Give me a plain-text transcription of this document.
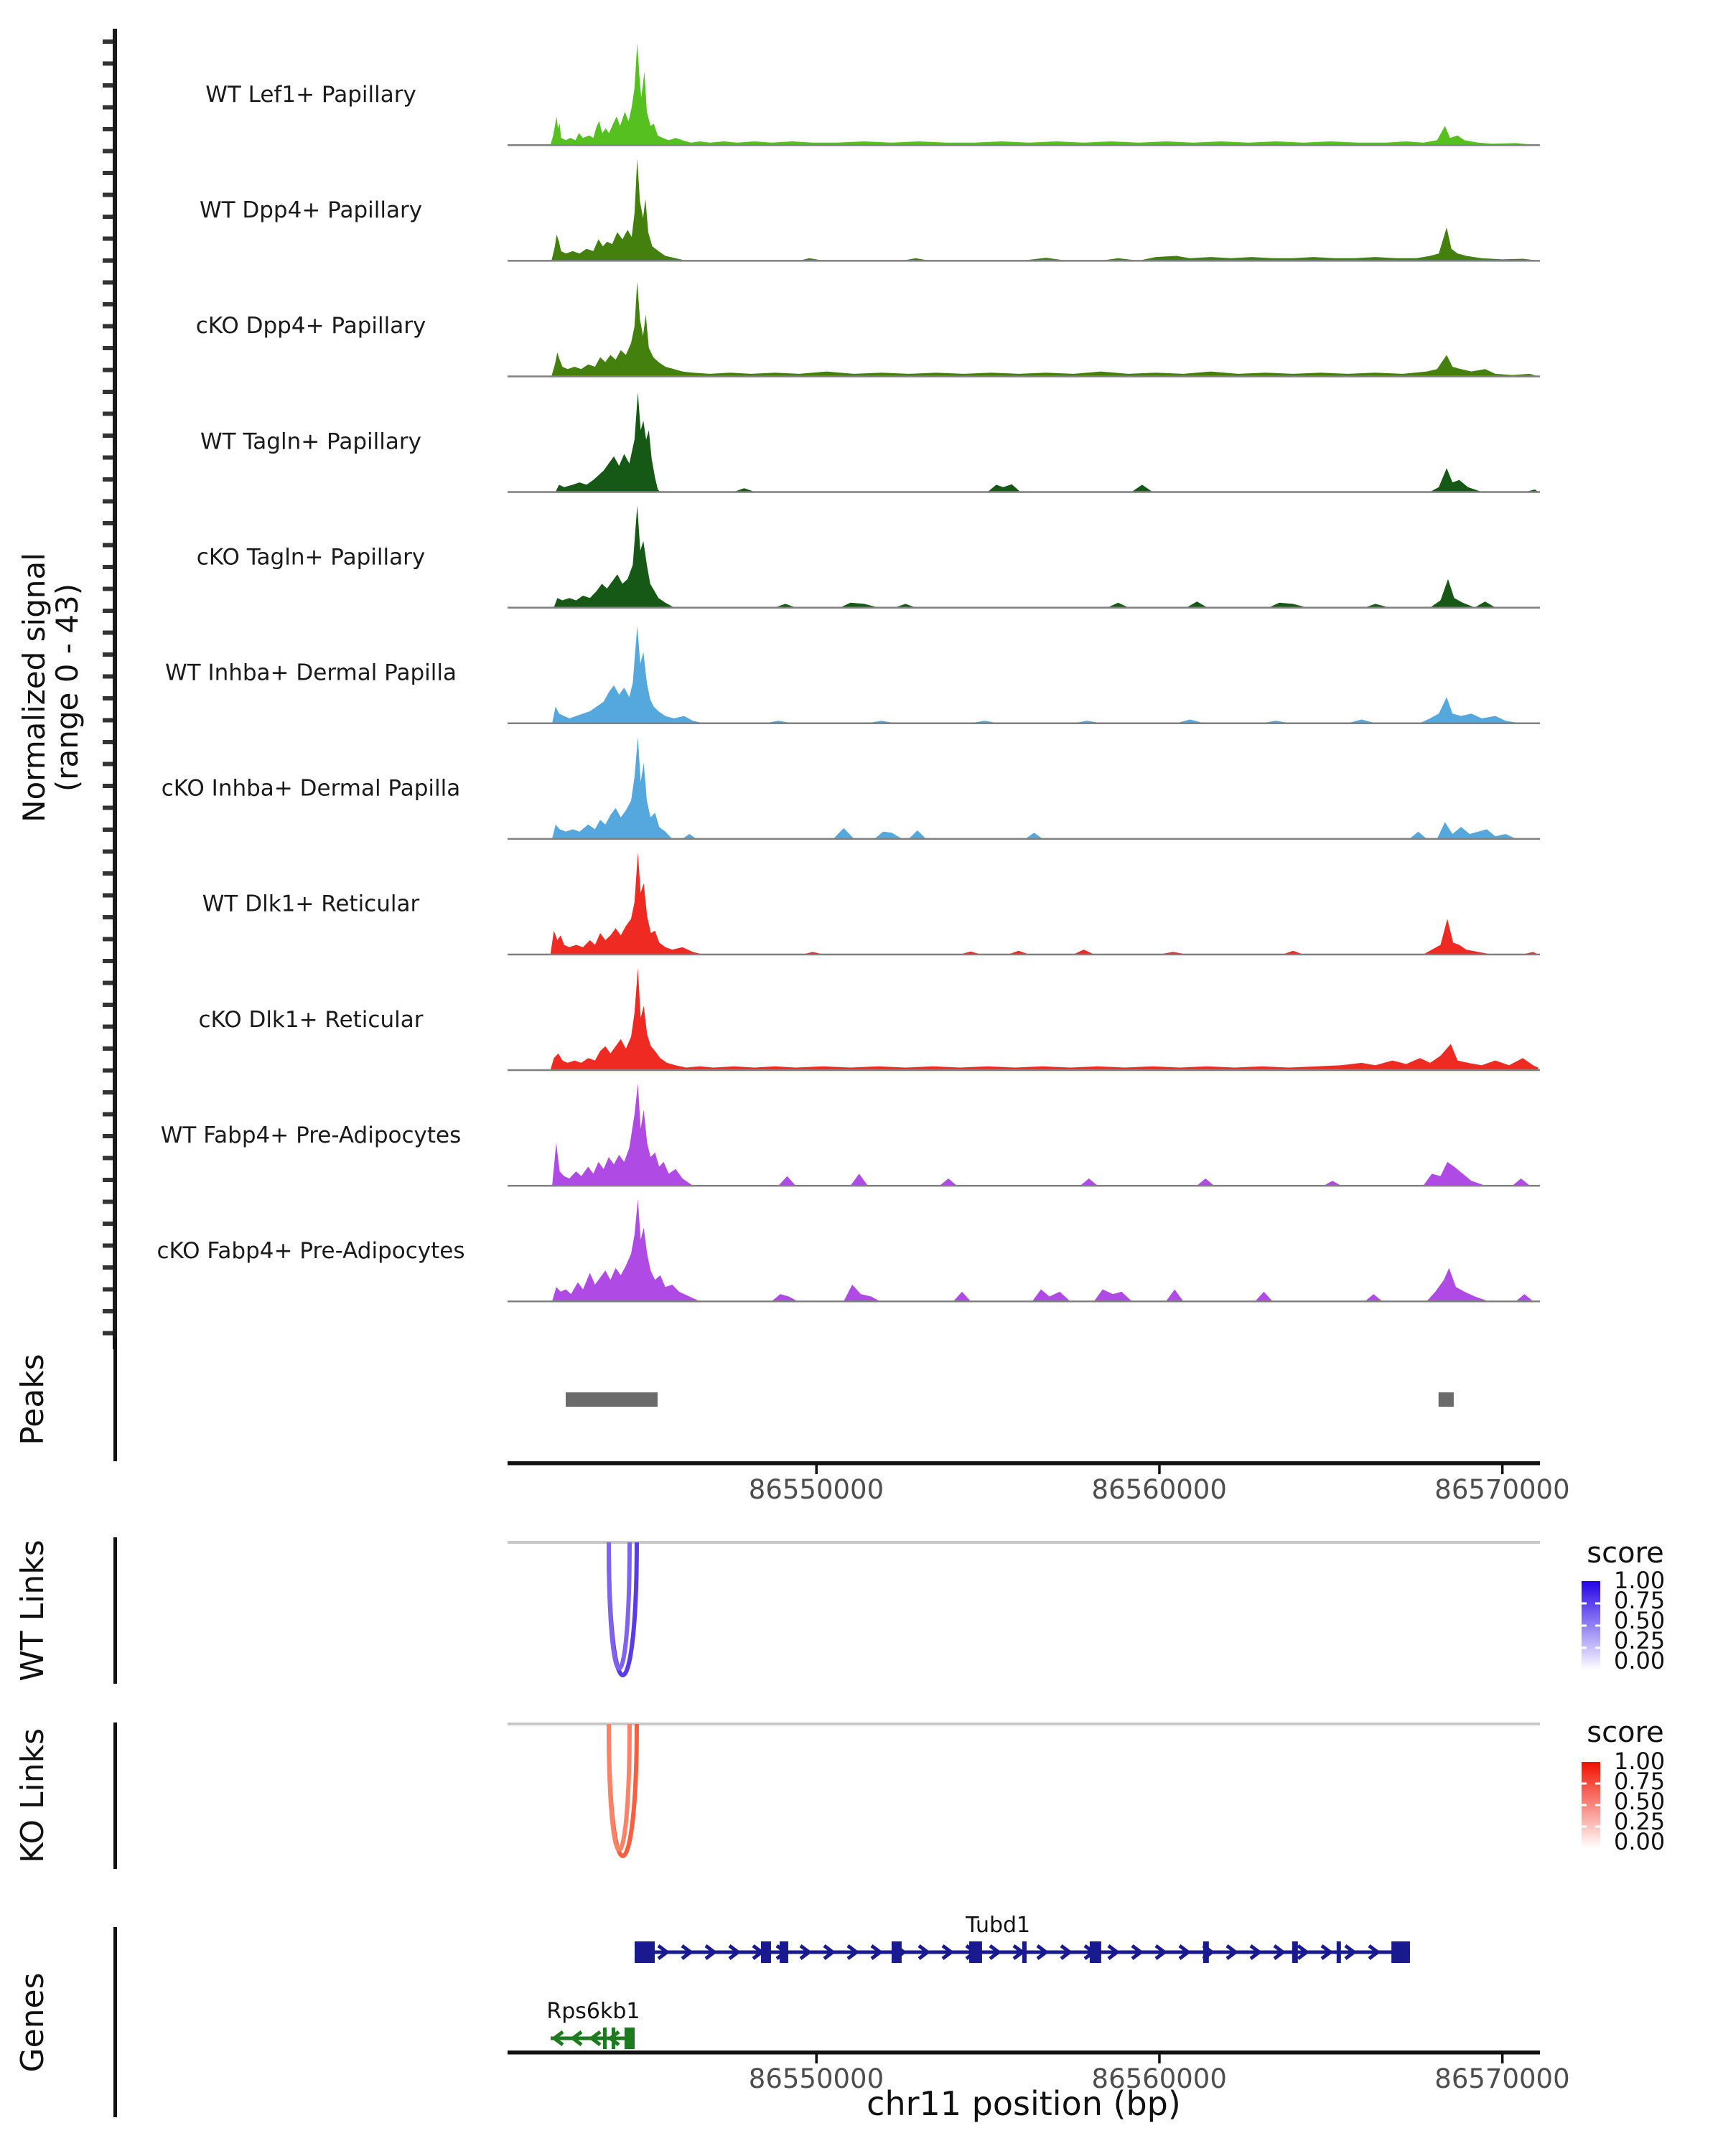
Normalized signal
(range 0 - 43)
WT Lef1+ Papillary
WT Dpp4+ Papillary
cKO Dpp4+ Papillary
WT Tagln+ Papillary
cKO Tagln+ Papillary
WT Inhba+ Dermal Papilla
cKO Inhba+ Dermal Papilla
WT Dlk1+ Reticular
cKO Dlk1+ Reticular
WT Fabp4+ Pre-Adipocytes
cKO Fabp4+ Pre-Adipocytes
Peaks
86550000	86560000	86570000
WT Links	score
1.00
0.75
0.50
0.25
0.00
KO Links	score
1.00
0.75
0.50
0.25
0.00
Genes
Tubd1
Rps6kb1
86550000	86560000	86570000
chr11 position (bp)
